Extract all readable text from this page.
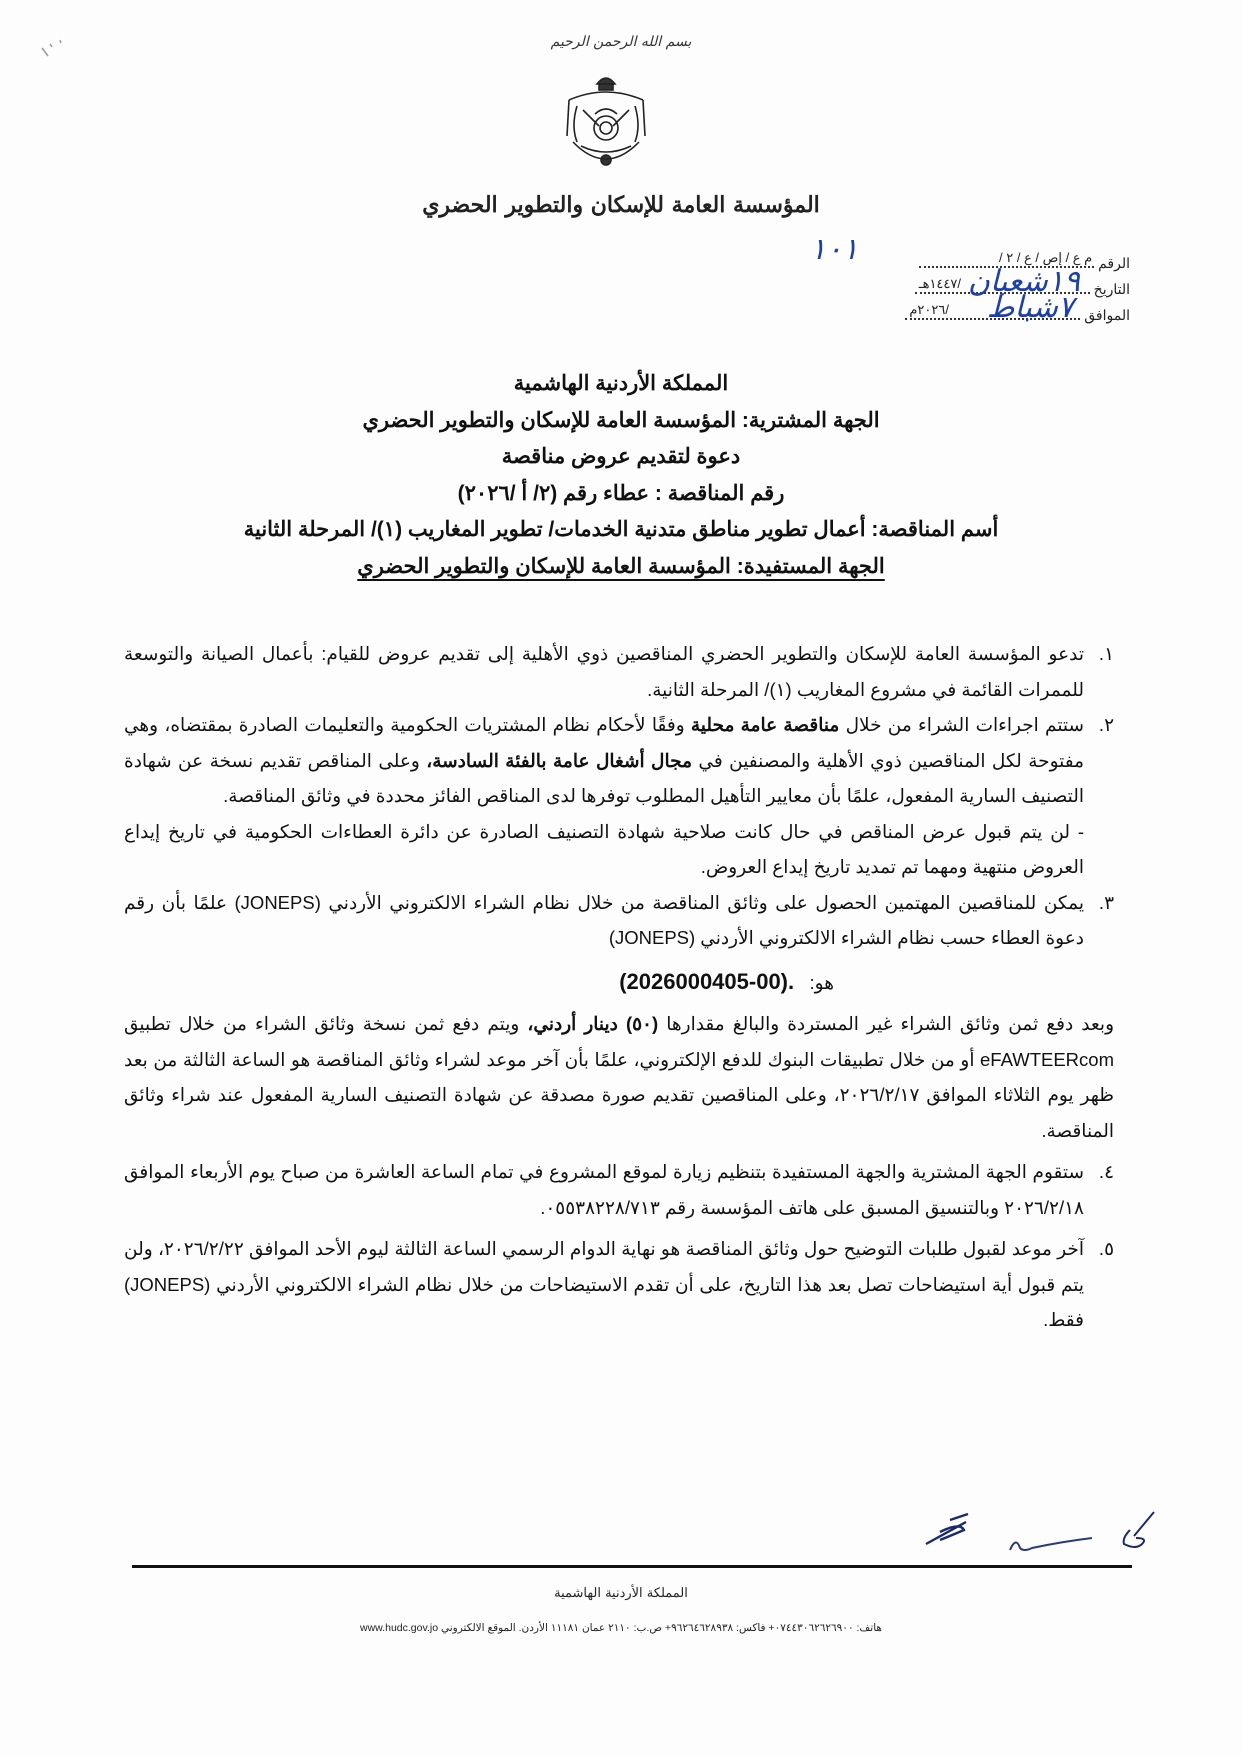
بسم الله الرحمن الرحيم
المؤسسة العامة للإسكان والتطوير الحضري
الرقم
م ع / إص / ع / ٢ /
١٠١
التاريخ
/١٤٤٧هـ ١٩شعبان
الموافق
/٢٠٢٦م ٧شباط
المملكة الأردنية الهاشمية
الجهة المشترية: المؤسسة العامة للإسكان والتطوير الحضري
دعوة لتقديم عروض مناقصة
رقم المناقصة : عطاء رقم (٢/ أ /٢٠٢٦)
أسم المناقصة: أعمال تطوير مناطق متدنية الخدمات/ تطوير المغاريب (١)/ المرحلة الثانية
الجهة المستفيدة: المؤسسة العامة للإسكان والتطوير الحضري
١.
تدعو المؤسسة العامة للإسكان والتطوير الحضري المناقصين ذوي الأهلية إلى تقديم عروض للقيام: بأعمال الصيانة والتوسعة للممرات القائمة في مشروع المغاريب (١)/ المرحلة الثانية.
٢.
ستتم اجراءات الشراء من خلال مناقصة عامة محلية وفقًا لأحكام نظام المشتريات الحكومية والتعليمات الصادرة بمقتضاه، وهي مفتوحة لكل المناقصين ذوي الأهلية والمصنفين في مجال أشغال عامة بالفئة السادسة، وعلى المناقص تقديم نسخة عن شهادة التصنيف السارية المفعول، علمًا بأن معايير التأهيل المطلوب توفرها لدى المناقص الفائز محددة في وثائق المناقصة.
- لن يتم قبول عرض المناقص في حال كانت صلاحية شهادة التصنيف الصادرة عن دائرة العطاءات الحكومية في تاريخ إيداع العروض منتهية ومهما تم تمديد تاريخ إيداع العروض.
٣.
يمكن للمناقصين المهتمين الحصول على وثائق المناقصة من خلال نظام الشراء الالكتروني الأردني (JONEPS) علمًا بأن رقم دعوة العطاء حسب نظام الشراء الالكتروني الأردني (JONEPS)
هو:   (2026000405-00).
وبعد دفع ثمن وثائق الشراء غير المستردة والبالغ مقدارها (٥٠) دينار أردني، ويتم دفع ثمن نسخة وثائق الشراء من خلال تطبيق eFAWTEERcom أو من خلال تطبيقات البنوك للدفع الإلكتروني، علمًا بأن آخر موعد لشراء وثائق المناقصة هو الساعة الثالثة من بعد ظهر يوم الثلاثاء الموافق ٢٠٢٦/٢/١٧، وعلى المناقصين تقديم صورة مصدقة عن شهادة التصنيف السارية المفعول عند شراء وثائق المناقصة.
٤.
ستقوم الجهة المشترية والجهة المستفيدة بتنظيم زيارة لموقع المشروع في تمام الساعة العاشرة من صباح يوم الأربعاء الموافق ٢٠٢٦/٢/١٨ وبالتنسيق المسبق على هاتف المؤسسة رقم ٠٥٥٣٨٢٢٨/٧١٣.
٥.
آخر موعد لقبول طلبات التوضيح حول وثائق المناقصة هو نهاية الدوام الرسمي الساعة الثالثة ليوم الأحد الموافق ٢٠٢٦/٢/٢٢، ولن يتم قبول أية استيضاحات تصل بعد هذا التاريخ، على أن تقدم الاستيضاحات من خلال نظام الشراء الالكتروني الأردني (JONEPS) فقط.
المملكة الأردنية الهاشمية
هاتف: ٠٧٤٤٣٠٦٢٦٢٦٩٠٠+ فاكس: ٩٦٢٦٤٦٢٨٩٣٨+ ص.ب: ٢١١٠ عمان ١١١٨١ الأردن. الموقع الالكتروني www.hudc.gov.jo
